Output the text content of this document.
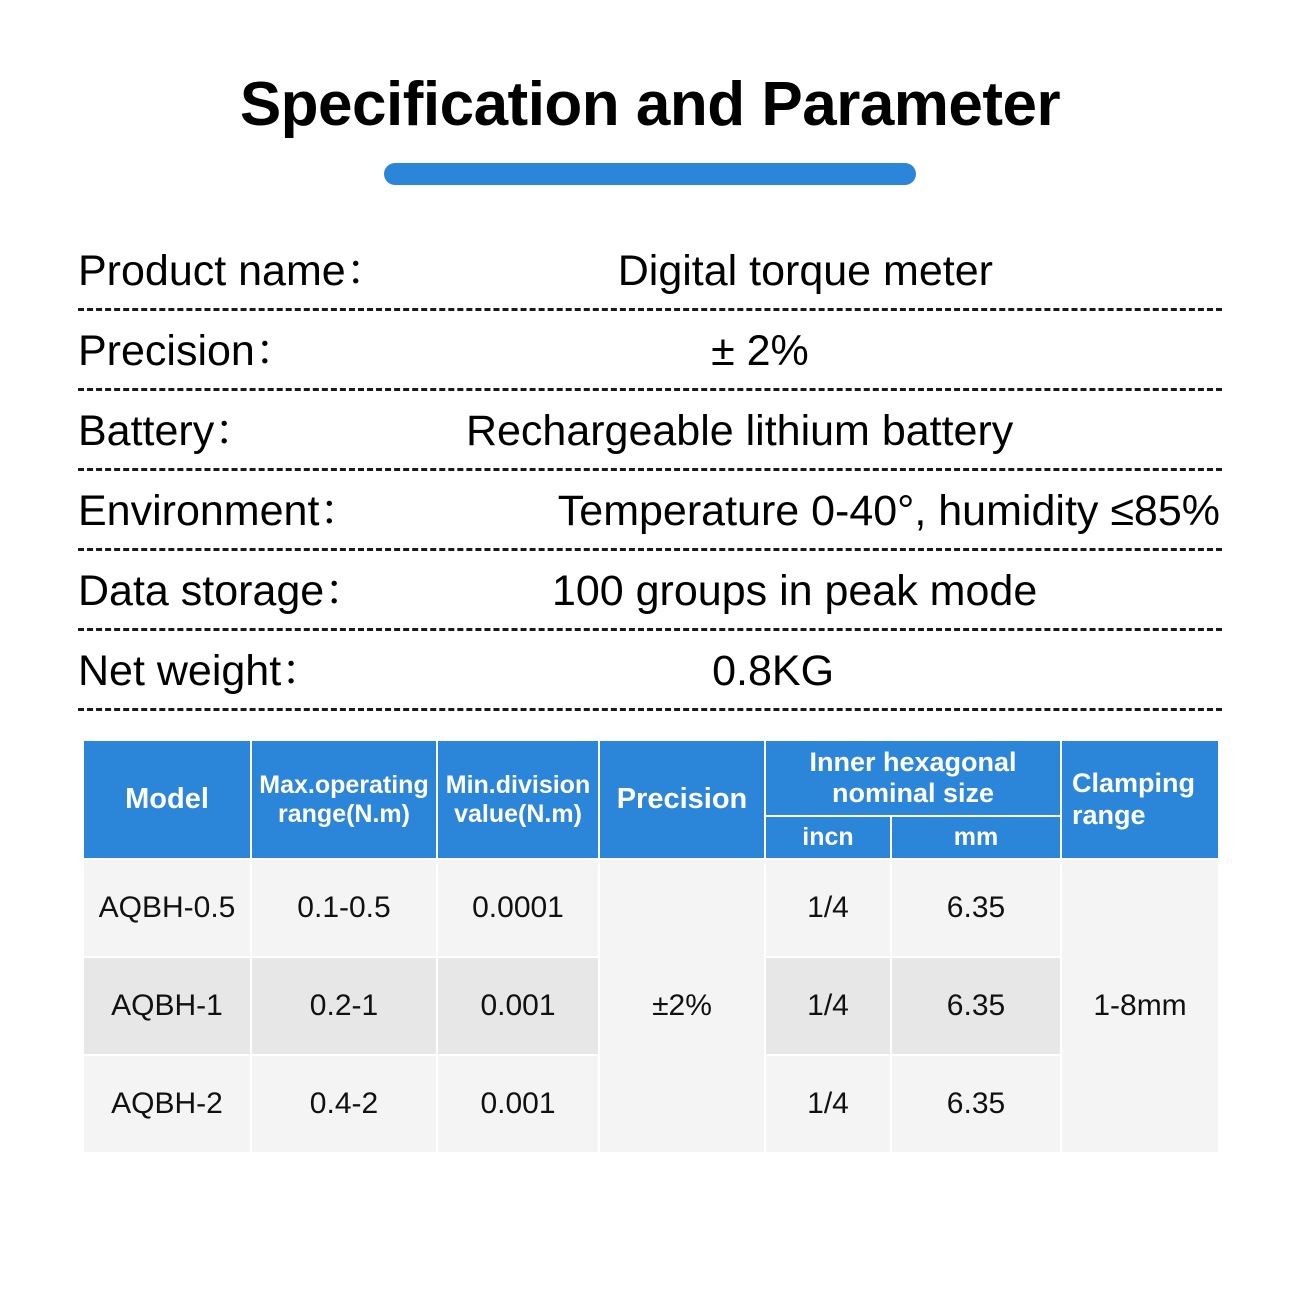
Specification and Parameter
Product name：	Digital torque meter
Precision：	± 2%
Battery：	Rechargeable lithium battery
Environment：	Temperature 0-40°, humidity ≤85%
Data storage：	100 groups in peak mode
Net weight：	0.8KG
Model	Max.operating range(N.m)	Min.division value(N.m)	Precision	Inner hexagonal nominal size		Clamping range
				incn	mm	
AQBH-0.5	0.1-0.5	0.0001	±2%	1/4	6.35	1-8mm
AQBH-1	0.2-1	0.001		1/4	6.35	
AQBH-2	0.4-2	0.001		1/4	6.35	
